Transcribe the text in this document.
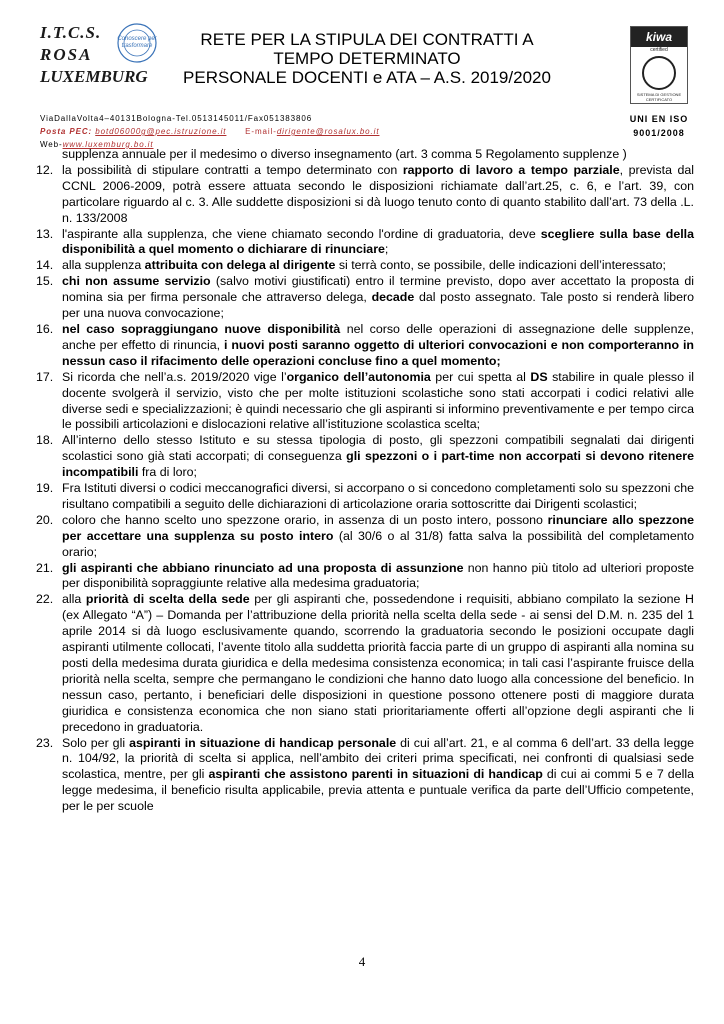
I.T.C.S.
ROSA
LUXEMBURG
Conoscere per trasformare	RETE PER LA STIPULA DEI CONTRATTI A
TEMPO DETERMINATO
PERSONALE DOCENTI e ATA – A.S. 2019/2020
kiwa
certified
SISTEMA DI GESTIONE CERTIFICATO
UNI EN ISO
9001/2008
ViaDallaVolta4–40131Bologna-Tel.0513145011/Fax051383806
Posta PEC: botd06000g@pec.istruzione.it E-mail-dirigente@rosalux.bo.it
Web-www.luxemburg.bo.it

supplenza annuale per il medesimo o diverso insegnamento (art. 3 comma 5 Regolamento supplenze )

12. la possibilità di stipulare contratti a tempo determinato con rapporto di lavoro a tempo parziale, prevista dal CCNL 2006-2009, potrà essere attuata secondo le disposizioni richiamate dall’art.25, c. 6, e l’art. 39, con particolare riguardo al c. 3. Alle suddette disposizioni si dà luogo tenuto conto di quanto stabilito dall’art. 73 della .L. n. 133/2008

13. l'aspirante alla supplenza, che viene chiamato secondo l'ordine di graduatoria, deve scegliere sulla base della disponibilità a quel momento o dichiarare di rinunciare;

14. alla supplenza attribuita con delega al dirigente si terrà conto, se possibile, delle indicazioni dell’interessato;

15. chi non assume servizio (salvo motivi giustificati) entro il termine previsto, dopo aver accettato la proposta di nomina sia per firma personale che attraverso delega, decade dal posto assegnato. Tale posto si renderà libero per una nuova convocazione;

16. nel caso sopraggiungano nuove disponibilità nel corso delle operazioni di assegnazione delle supplenze, anche per effetto di rinuncia, i nuovi posti saranno oggetto di ulteriori convocazioni e non comporteranno in nessun caso il rifacimento delle operazioni concluse fino a quel momento;

17. Si ricorda che nell’a.s. 2019/2020 vige l’organico dell’autonomia per cui spetta al DS stabilire in quale plesso il docente svolgerà il servizio, visto che per molte istituzioni scolastiche sono stati accorpati i codici relativi alle diverse sedi e specializzazioni; è quindi necessario che gli aspiranti si informino preventivamente e per tempo circa le possibili articolazioni e dislocazioni relative all’istituzione scolastica scelta;

18. All’interno dello stesso Istituto e su stessa tipologia di posto, gli spezzoni compatibili segnalati dai dirigenti scolastici sono già stati accorpati; di conseguenza gli spezzoni o i part-time non accorpati si devono ritenere incompatibili fra di loro;

19. Fra Istituti diversi o codici meccanografici diversi, si accorpano o si concedono completamenti solo su spezzoni che risultano compatibili a seguito delle dichiarazioni di articolazione oraria sottoscritte dai Dirigenti scolastici;

20. coloro che hanno scelto uno spezzone orario, in assenza di un posto intero, possono rinunciare allo spezzone per accettare una supplenza su posto intero (al 30/6 o al 31/8) fatta salva la possibilità del completamento orario;

21. gli aspiranti che abbiano rinunciato ad una proposta di assunzione non hanno più titolo ad ulteriori proposte per disponibilità sopraggiunte relative alla medesima graduatoria;

22. alla priorità di scelta della sede per gli aspiranti che, possedendone i requisiti, abbiano compilato la sezione H (ex Allegato “A”) – Domanda per l’attribuzione della priorità nella scelta della sede - ai sensi del D.M. n. 235 del 1 aprile 2014 si dà luogo esclusivamente quando, scorrendo la graduatoria secondo le posizioni occupate dagli aspiranti utilmente collocati, l’avente titolo alla suddetta priorità faccia parte di un gruppo di aspiranti alla nomina su posti della medesima durata giuridica e della medesima consistenza economica; in tali casi l’aspirante fruisce della priorità nella scelta, sempre che permangano le condizioni che hanno dato luogo alla concessione del beneficio. In nessun caso, pertanto, i beneficiari delle disposizioni in questione possono ottenere posti di maggiore durata giuridica e consistenza economica che non siano stati prioritariamente offerti all’opzione degli aspiranti che li precedono in graduatoria.

23. Solo per gli aspiranti in situazione di handicap personale di cui all’art. 21, e al comma 6 dell’art. 33 della legge n. 104/92, la priorità di scelta si applica, nell’ambito dei criteri prima specificati, nei confronti di qualsiasi sede scolastica, mentre, per gli aspiranti che assistono parenti in situazioni di handicap di cui ai commi 5 e 7 della legge medesima, il beneficio risulta applicabile, previa attenta e puntuale verifica da parte dell’Ufficio competente, per le per scuole

4
